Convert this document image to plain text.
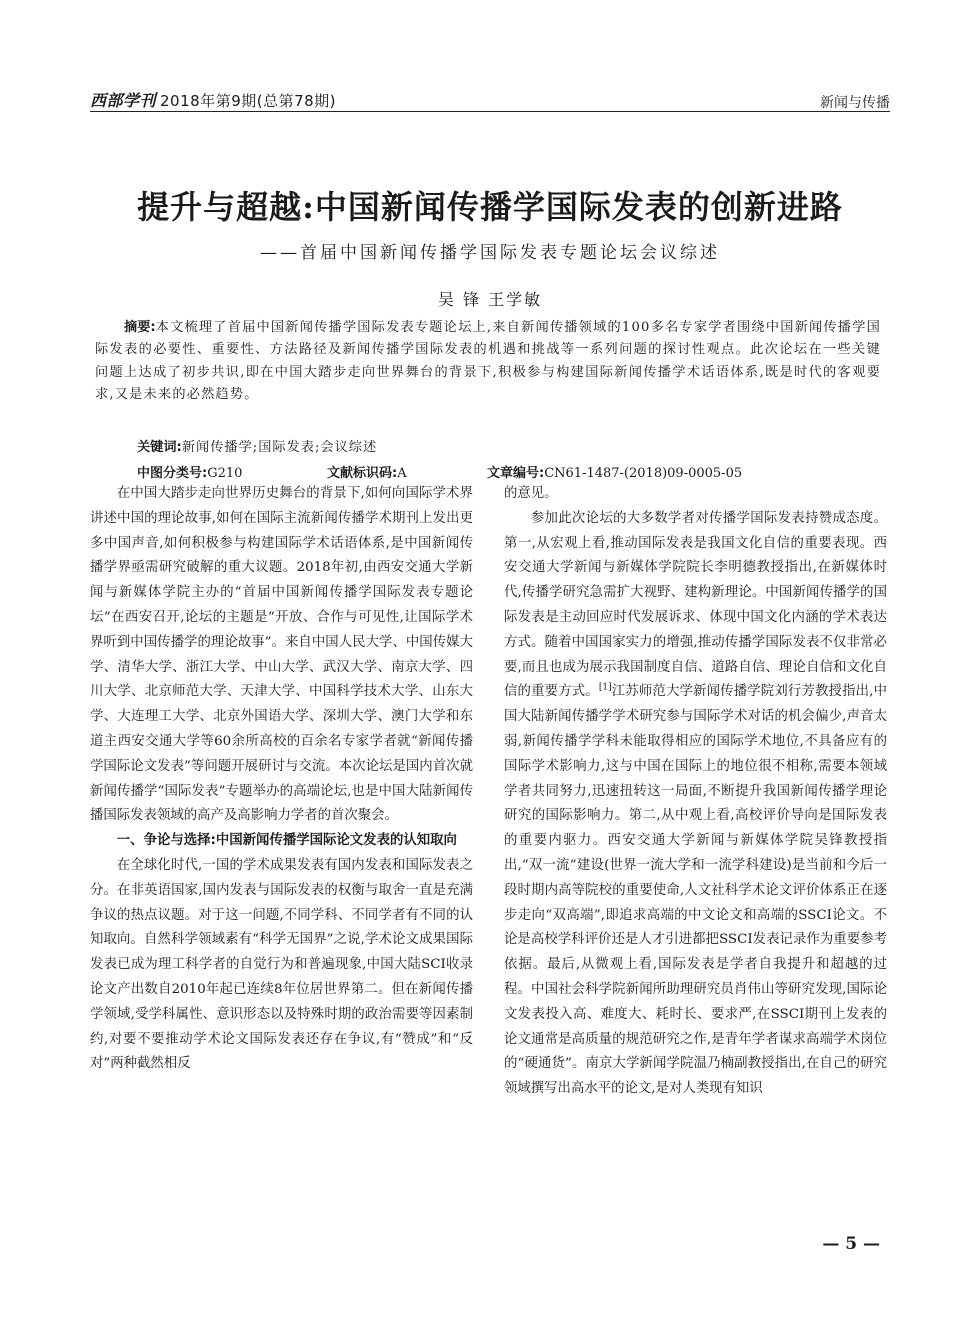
西部学刊 2018年第9期(总第78期)	新闻与传播
提升与超越:中国新闻传播学国际发表的创新进路
——首届中国新闻传播学国际发表专题论坛会议综述
吴 锋 王学敏
摘要:本文梳理了首届中国新闻传播学国际发表专题论坛上,来自新闻传播领域的100多名专家学者围绕中国新闻传播学国际发表的必要性、重要性、方法路径及新闻传播学国际发表的机遇和挑战等一系列问题的探讨性观点。此次论坛在一些关键问题上达成了初步共识,即在中国大踏步走向世界舞台的背景下,积极参与构建国际新闻传播学术话语体系,既是时代的客观要求,又是未来的必然趋势。
关键词:新闻传播学;国际发表;会议综述
中图分类号:G210	文献标识码:A	文章编号:CN61-1487-(2018)09-0005-05

在中国大踏步走向世界历史舞台的背景下,如何向国际学术界讲述中国的理论故事,如何在国际主流新闻传播学术期刊上发出更多中国声音,如何积极参与构建国际学术话语体系,是中国新闻传播学界亟需研究破解的重大议题。2018年初,由西安交通大学新闻与新媒体学院主办的“首届中国新闻传播学国际发表专题论坛”在西安召开,论坛的主题是“开放、合作与可见性,让国际学术界听到中国传播学的理论故事”。来自中国人民大学、中国传媒大学、清华大学、浙江大学、中山大学、武汉大学、南京大学、四川大学、北京师范大学、天津大学、中国科学技术大学、山东大学、大连理工大学、北京外国语大学、深圳大学、澳门大学和东道主西安交通大学等60余所高校的百余名专家学者就“新闻传播学国际论文发表”等问题开展研讨与交流。本次论坛是国内首次就新闻传播学“国际发表”专题举办的高端论坛,也是中国大陆新闻传播国际发表领域的高产及高影响力学者的首次聚会。

一、争论与选择:中国新闻传播学国际论文发表的认知取向

在全球化时代,一国的学术成果发表有国内发表和国际发表之分。在非英语国家,国内发表与国际发表的权衡与取舍一直是充满争议的热点议题。对于这一问题,不同学科、不同学者有不同的认知取向。自然科学领域素有“科学无国界”之说,学术论文成果国际发表已成为理工科学者的自觉行为和普遍现象,中国大陆SCI收录论文产出数自2010年起已连续8年位居世界第二。但在新闻传播学领域,受学科属性、意识形态以及特殊时期的政治需要等因素制约,对要不要推动学术论文国际发表还存在争议,有“赞成”和“反对”两种截然相反

的意见。

参加此次论坛的大多数学者对传播学国际发表持赞成态度。第一,从宏观上看,推动国际发表是我国文化自信的重要表现。西安交通大学新闻与新媒体学院院长李明德教授指出,在新媒体时代,传播学研究急需扩大视野、建构新理论。中国新闻传播学的国际发表是主动回应时代发展诉求、体现中国文化内涵的学术表达方式。随着中国国家实力的增强,推动传播学国际发表不仅非常必要,而且也成为展示我国制度自信、道路自信、理论自信和文化自信的重要方式。[1]江苏师范大学新闻传播学院刘行芳教授指出,中国大陆新闻传播学学术研究参与国际学术对话的机会偏少,声音太弱,新闻传播学学科未能取得相应的国际学术地位,不具备应有的国际学术影响力,这与中国在国际上的地位很不相称,需要本领域学者共同努力,迅速扭转这一局面,不断提升我国新闻传播学理论研究的国际影响力。第二,从中观上看,高校评价导向是国际发表的重要内驱力。西安交通大学新闻与新媒体学院吴锋教授指出,“双一流”建设(世界一流大学和一流学科建设)是当前和今后一段时期内高等院校的重要使命,人文社科学术论文评价体系正在逐步走向“双高端”,即追求高端的中文论文和高端的SSCI论文。不论是高校学科评价还是人才引进都把SSCI发表记录作为重要参考依据。最后,从微观上看,国际发表是学者自我提升和超越的过程。中国社会科学院新闻所助理研究员肖伟山等研究发现,国际论文发表投入高、难度大、耗时长、要求严,在SSCI期刊上发表的论文通常是高质量的规范研究之作,是青年学者谋求高端学术岗位的“硬通货”。南京大学新闻学院温乃楠副教授指出,在自己的研究领域撰写出高水平的论文,是对人类现有知识

— 5 —
